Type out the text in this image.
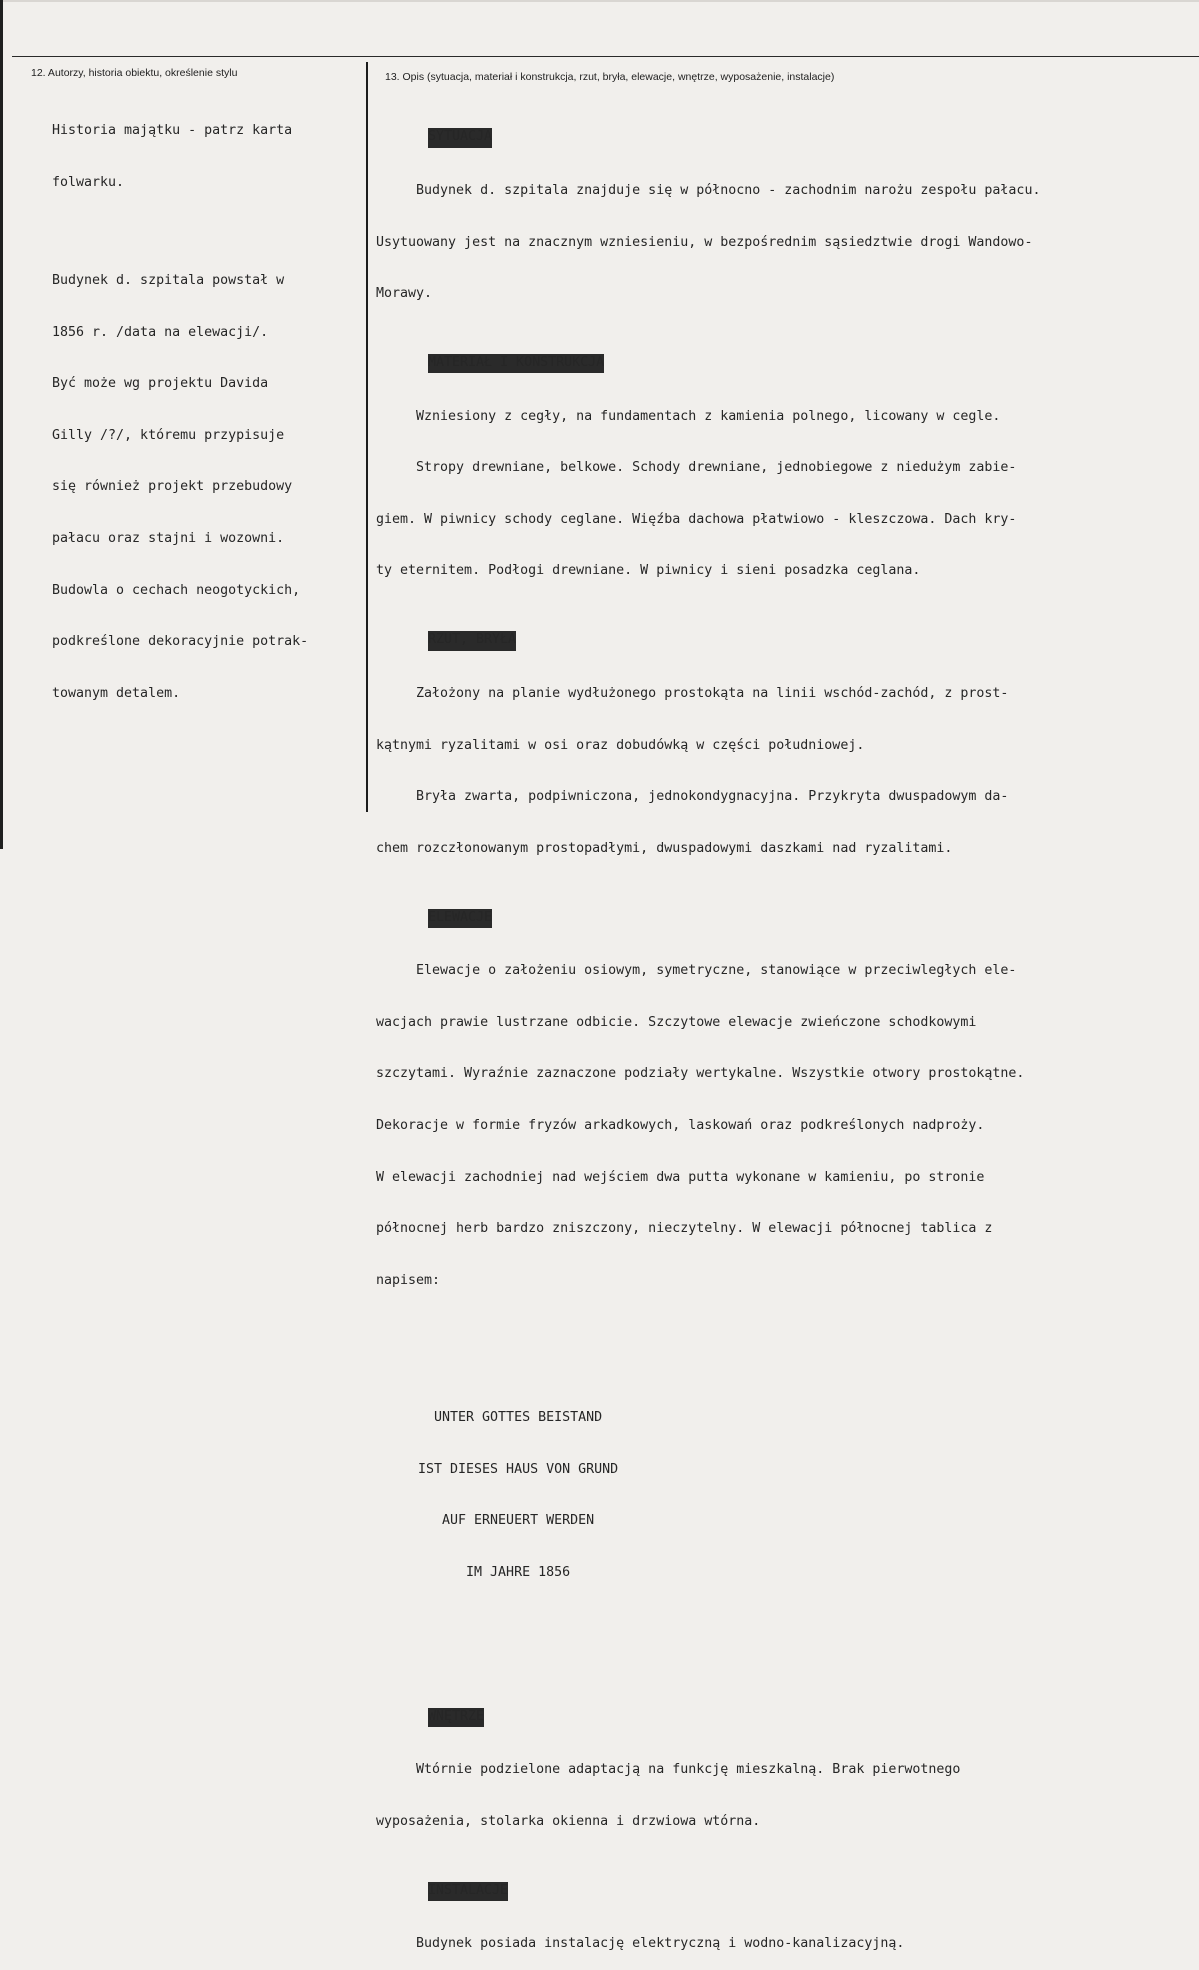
12. Autorzy, historia obiektu, określenie stylu	13. Opis (sytuacja, materiał i konstrukcja, rzut, bryła, elewacje, wnętrze, wyposażenie, instalacje)

Historia majątku - patrz karta

folwarku.

Budynek d. szpitala powstał w

1856 r. /data na elewacji/.

Być może wg projektu Davida

Gilly /?/, któremu przypisuje

się również projekt przebudowy

pałacu oraz stajni i wozowni.

Budowla o cechach neogotyckich,

podkreślone dekoracyjnie potrak-

towanym detalem.

SYTUACJA

Budynek d. szpitala znajduje się w północno - zachodnim narożu zespołu pałacu.

Usytuowany jest na znacznym wzniesieniu, w bezpośrednim sąsiedztwie drogi Wandowo-

Morawy.

MATERIAŁ I KONSTRUKCJA

Wzniesiony z cegły, na fundamentach z kamienia polnego, licowany w cegle.

Stropy drewniane, belkowe. Schody drewniane, jednobiegowe z niedużym zabie-

giem. W piwnicy schody ceglane. Więźba dachowa płatwiowo - kleszczowa. Dach kry-

ty eternitem. Podłogi drewniane. W piwnicy i sieni posadzka ceglana.

RZUT, BRYŁA

Założony na planie wydłużonego prostokąta na linii wschód-zachód, z prost-

kątnymi ryzalitami w osi oraz dobudówką w części południowej.

Bryła zwarta, podpiwniczona, jednokondygnacyjna. Przykryta dwuspadowym da-

chem rozczłonowanym prostopadłymi, dwuspadowymi daszkami nad ryzalitami.

ELEWACJE

Elewacje o założeniu osiowym, symetryczne, stanowiące w przeciwległych ele-

wacjach prawie lustrzane odbicie. Szczytowe elewacje zwieńczone schodkowymi

szczytami. Wyraźnie zaznaczone podziały wertykalne. Wszystkie otwory prostokątne.

Dekoracje w formie fryzów arkadkowych, laskowań oraz podkreślonych nadproży.

W elewacji zachodniej nad wejściem dwa putta wykonane w kamieniu, po stronie

północnej herb bardzo zniszczony, nieczytelny. W elewacji północnej tablica z

napisem:

UNTER GOTTES BEISTAND

IST DIESES HAUS VON GRUND

AUF ERNEUERT WERDEN

IM JAHRE 1856

WNĘTRZE

Wtórnie podzielone adaptacją na funkcję mieszkalną. Brak pierwotnego

wyposażenia, stolarka okienna i drzwiowa wtórna.

INSTALACJE

Budynek posiada instalację elektryczną i wodno-kanalizacyjną.
